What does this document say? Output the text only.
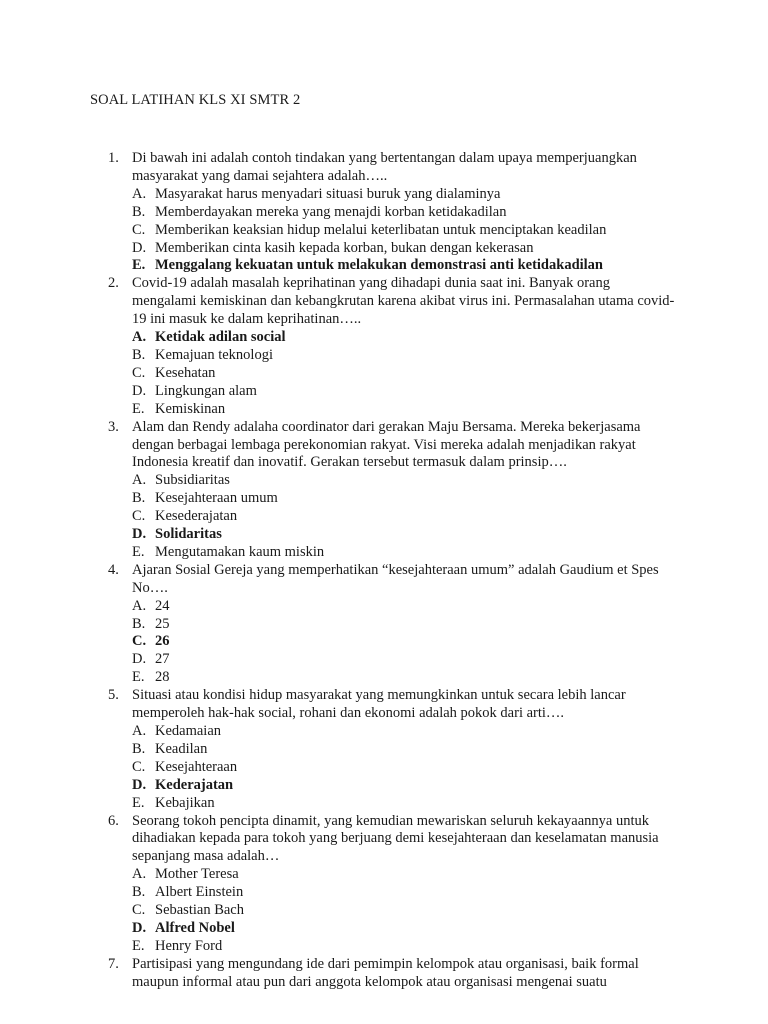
SOAL LATIHAN KLS XI SMTR 2
1. Di bawah ini adalah contoh tindakan yang bertentangan dalam upaya memperjuangkan masyarakat yang damai sejahtera adalah…..
A. Masyarakat harus menyadari situasi buruk yang dialaminya
B. Memberdayakan mereka yang menajdi korban ketidakadilan
C. Memberikan keaksian hidup melalui keterlibatan untuk menciptakan keadilan
D. Memberikan cinta kasih kepada korban, bukan dengan kekerasan
E. Menggalang kekuatan untuk melakukan demonstrasi anti ketidakadilan
2. Covid-19 adalah masalah keprihatinan yang dihadapi dunia saat ini. Banyak orang mengalami kemiskinan dan kebangkrutan karena akibat virus ini. Permasalahan utama covid-19 ini masuk ke dalam keprihatinan…..
A. Ketidak adilan social
B. Kemajuan teknologi
C. Kesehatan
D. Lingkungan alam
E. Kemiskinan
3. Alam dan Rendy adalaha coordinator dari gerakan Maju Bersama. Mereka bekerjasama dengan berbagai lembaga perekonomian rakyat. Visi mereka adalah menjadikan rakyat Indonesia kreatif dan inovatif. Gerakan tersebut termasuk dalam prinsip….
A. Subsidiaritas
B. Kesejahteraan umum
C. Kesederajatan
D. Solidaritas
E. Mengutamakan kaum miskin
4. Ajaran Sosial Gereja yang memperhatikan “kesejahteraan umum” adalah Gaudium et Spes No….
A. 24
B. 25
C. 26
D. 27
E. 28
5. Situasi atau kondisi hidup masyarakat yang memungkinkan untuk secara lebih lancar memperoleh hak-hak social, rohani dan ekonomi adalah pokok dari arti….
A. Kedamaian
B. Keadilan
C. Kesejahteraan
D. Kederajatan
E. Kebajikan
6. Seorang tokoh pencipta dinamit, yang kemudian mewariskan seluruh kekayaannya untuk dihadiakan kepada para tokoh yang berjuang demi kesejahteraan dan keselamatan manusia sepanjang masa adalah…
A. Mother Teresa
B. Albert Einstein
C. Sebastian Bach
D. Alfred Nobel
E. Henry Ford
7. Partisipasi yang mengundang ide dari pemimpin kelompok atau organisasi, baik formal maupun informal atau pun dari anggota kelompok atau organisasi mengenai suatu
